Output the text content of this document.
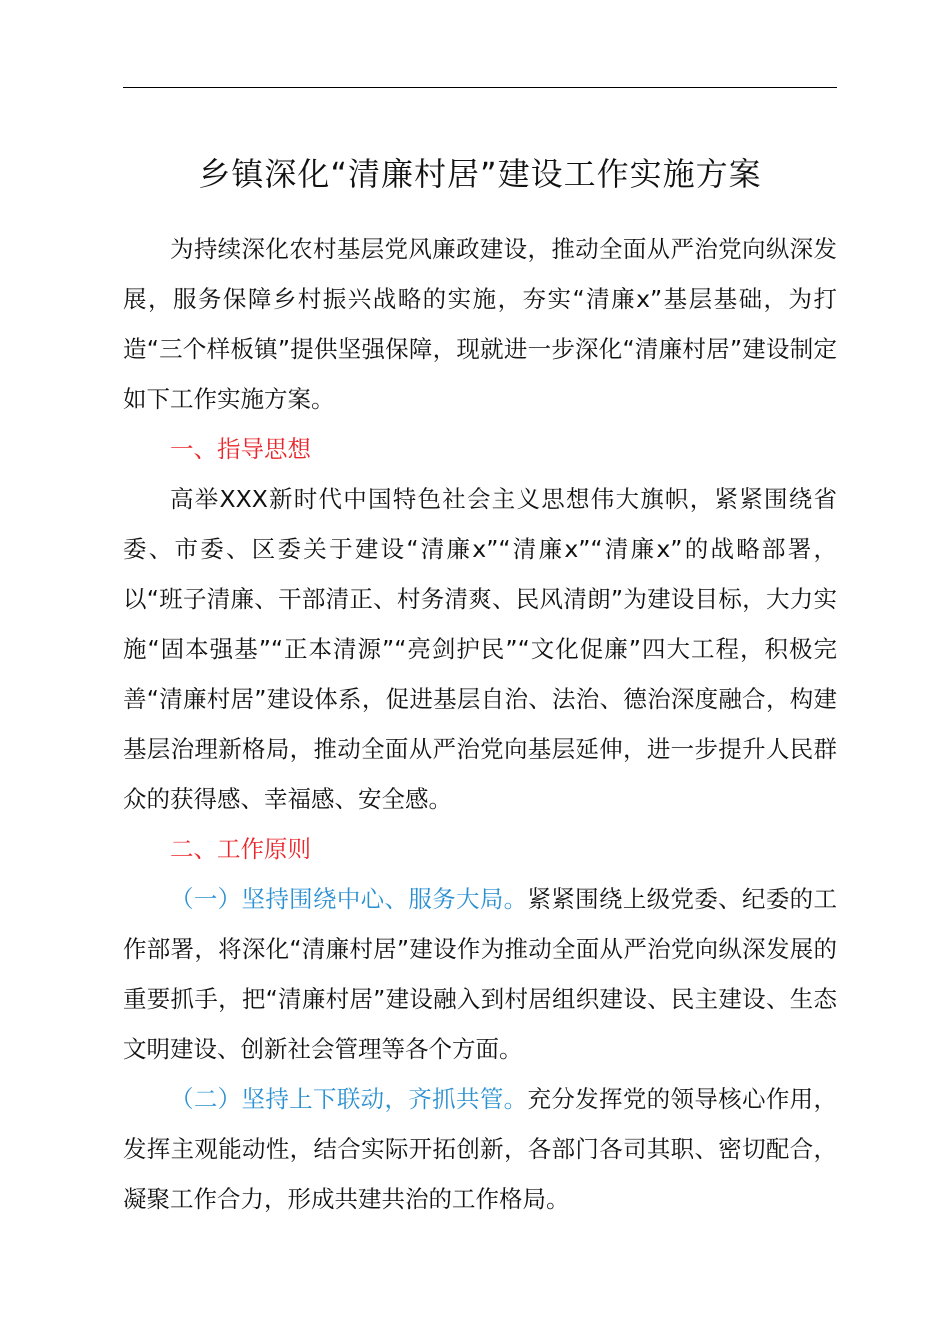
乡镇深化“清廉村居”建设工作实施方案

为持续深化农村基层党风廉政建设，推动全面从严治党向纵深发展，服务保障乡村振兴战略的实施，夯实“清廉x”基层基础，为打造“三个样板镇”提供坚强保障，现就进一步深化“清廉村居”建设制定如下工作实施方案。

一、指导思想

高举XXX新时代中国特色社会主义思想伟大旗帜，紧紧围绕省委、市委、区委关于建设“清廉x”“清廉x”“清廉x”的战略部署，以“班子清廉、干部清正、村务清爽、民风清朗”为建设目标，大力实施“固本强基”“正本清源”“亮剑护民”“文化促廉”四大工程，积极完善“清廉村居”建设体系，促进基层自治、法治、德治深度融合，构建基层治理新格局，推动全面从严治党向基层延伸，进一步提升人民群众的获得感、幸福感、安全感。

二、工作原则

（一）坚持围绕中心、服务大局。紧紧围绕上级党委、纪委的工作部署，将深化“清廉村居”建设作为推动全面从严治党向纵深发展的重要抓手，把“清廉村居”建设融入到村居组织建设、民主建设、生态文明建设、创新社会管理等各个方面。

（二）坚持上下联动，齐抓共管。充分发挥党的领导核心作用，发挥主观能动性，结合实际开拓创新，各部门各司其职、密切配合，凝聚工作合力，形成共建共治的工作格局。
